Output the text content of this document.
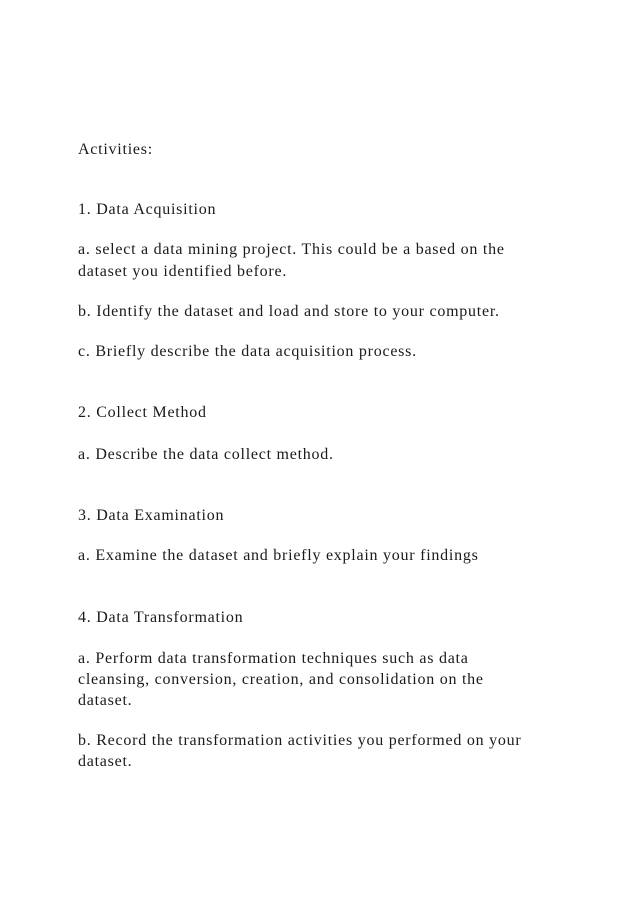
Activities:
1. Data Acquisition
a. select a data mining project. This could be a based on the
dataset you identified before.
b. Identify the dataset and load and store to your computer.
c. Briefly describe the data acquisition process.
2. Collect Method
a. Describe the data collect method.
3. Data Examination
a. Examine the dataset and briefly explain your findings
4. Data Transformation
a. Perform data transformation techniques such as data
cleansing, conversion, creation, and consolidation on the
dataset.
b. Record the transformation activities you performed on your
dataset.
